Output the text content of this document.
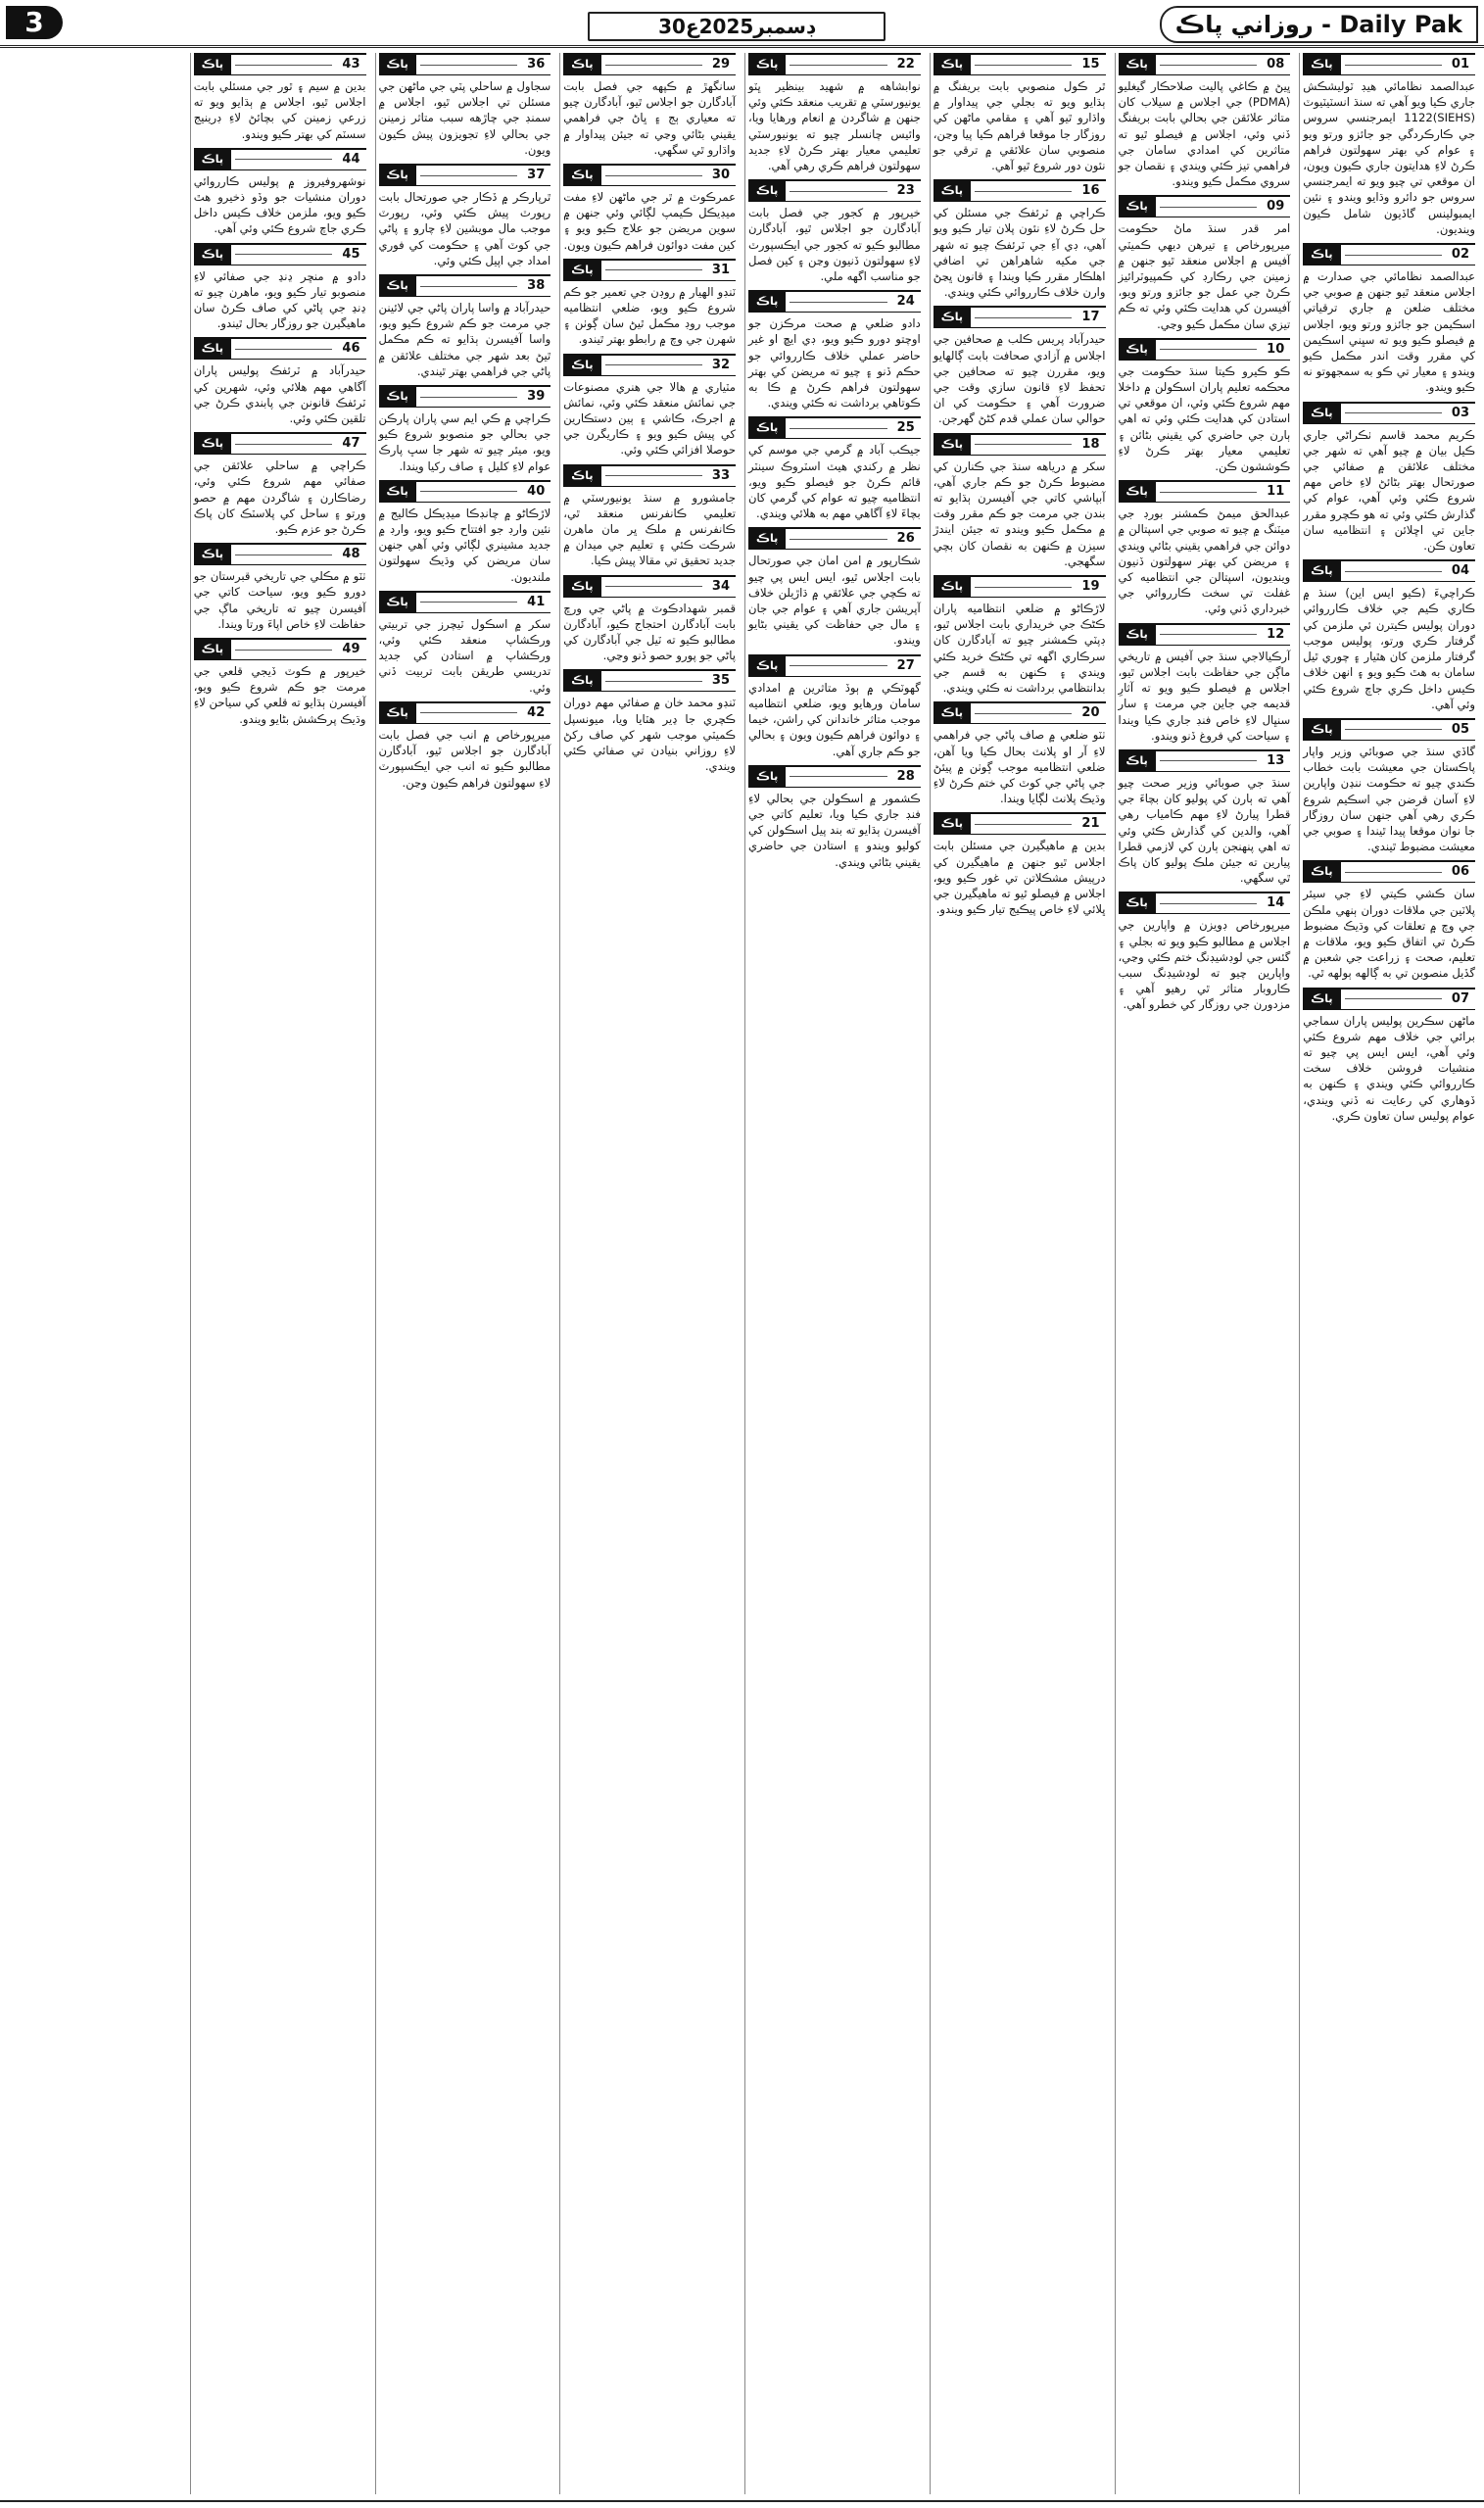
3	30ڊسمبر2025ع	روزاني پاڪ - Daily Pak
01
پاڪ
عبدالصمد نظامائي هيڊ ٽوليشڪش جاري ڪيا ويو آهي ته سنڌ انسٽيٽيوٽ (SIEHS)1122 ايمرجنسي سروس جي ڪارڪردگي جو جائزو ورتو ويو ۽ عوام کي بهتر سهولتون فراهم ڪرڻ لاءِ هدايتون جاري ڪيون ويون، ان موقعي تي چيو ويو ته ايمرجنسي سروس جو دائرو وڌايو ويندو ۽ نئين ايمبولينس گاڏيون شامل ڪيون وينديون.
02
پاڪ
عبدالصمد نظامائي جي صدارت ۾ اجلاس منعقد ٿيو جنهن ۾ صوبي جي مختلف ضلعن ۾ جاري ترقياتي اسڪيمن جو جائزو ورتو ويو، اجلاس ۾ فيصلو ڪيو ويو ته سڀني اسڪيمن کي مقرر وقت اندر مڪمل ڪيو ويندو ۽ معيار تي ڪو به سمجهوتو نه ڪيو ويندو.
03
پاڪ
ڪريم محمد قاسم ٺڪراڻي جاري ڪيل بيان ۾ چيو آهي ته شهر جي مختلف علائقن ۾ صفائي جي صورتحال بهتر بڻائڻ لاءِ خاص مهم شروع ڪئي وئي آهي، عوام کي گذارش ڪئي وئي ته هو ڪچرو مقرر جاين تي اڇلائن ۽ انتظاميه سان تعاون ڪن.
04
پاڪ
ڪراچيءَ (ڪيو ايس اين) سنڌ ۾ ڪاري ڪيم جي خلاف ڪارروائي دوران پوليس ڪيترن ئي ملزمن کي گرفتار ڪري ورتو، پوليس موجب گرفتار ملزمن کان هٿيار ۽ چوري ٿيل سامان به هٿ ڪيو ويو ۽ انهن خلاف ڪيس داخل ڪري جاچ شروع ڪئي وئي آهي.
05
پاڪ
گاڏي سنڌ جي صوبائي وزير واپار پاڪستان جي معيشت بابت خطاب ڪندي چيو ته حڪومت ننڍن واپارين لاءِ آسان قرضن جي اسڪيم شروع ڪري رهي آهي جنهن سان روزگار جا نوان موقعا پيدا ٿيندا ۽ صوبي جي معيشت مضبوط ٿيندي.
06
پاڪ
سان ڪشي ڪيتي لاءِ جي سيئر پلاٽين جي ملاقات دوران ٻنهي ملڪن جي وچ ۾ تعلقات کي وڌيڪ مضبوط ڪرڻ تي اتفاق ڪيو ويو، ملاقات ۾ تعليم، صحت ۽ زراعت جي شعبن ۾ گڏيل منصوبن تي به ڳالهه ٻولهه ٿي.
07
پاڪ
ماڻهن سڪرين پوليس پاران سماجي برائي جي خلاف مهم شروع ڪئي وئي آهي، ايس ايس پي چيو ته منشيات فروشن خلاف سخت ڪارروائي ڪئي ويندي ۽ ڪنهن به ڏوهاري کي رعايت نه ڏني ويندي، عوام پوليس سان تعاون ڪري.
08
پاڪ
ڀيڻ ۾ ڪاغي پاليت صلاحڪار گيغليو (PDMA) جي اجلاس ۾ سيلاب کان متاثر علائقن جي بحالي بابت بريفنگ ڏني وئي، اجلاس ۾ فيصلو ٿيو ته متاثرين کي امدادي سامان جي فراهمي تيز ڪئي ويندي ۽ نقصان جو سروي مڪمل ڪيو ويندو.
09
پاڪ
امر قدر سنڌ ماڻ حڪومت ميرپورخاص ۽ تيرهن ديهي ڪميٽي آفيس ۾ اجلاس منعقد ٿيو جنهن ۾ زمينن جي رڪارڊ کي ڪمپيوٽرائيز ڪرڻ جي عمل جو جائزو ورتو ويو، آفيسرن کي هدايت ڪئي وئي ته ڪم تيزي سان مڪمل ڪيو وڃي.
10
پاڪ
ڪو ڪيرو ڪيتا سنڌ حڪومت جي محڪمه تعليم پاران اسڪولن ۾ داخلا مهم شروع ڪئي وئي، ان موقعي تي استادن کي هدايت ڪئي وئي ته اهي ٻارن جي حاضري کي يقيني بڻائن ۽ تعليمي معيار بهتر ڪرڻ لاءِ ڪوششون ڪن.
11
پاڪ
عبدالحق ميمڻ ڪمشنر بورڊ جي ميٽنگ ۾ چيو ته صوبي جي اسپتالن ۾ دوائن جي فراهمي يقيني بڻائي ويندي ۽ مريضن کي بهتر سهولتون ڏنيون وينديون، اسپتالن جي انتظاميه کي غفلت تي سخت ڪارروائي جي خبرداري ڏني وئي.
12
پاڪ
آرڪيالاجي سنڌ جي آفيس ۾ تاريخي ماڳن جي حفاظت بابت اجلاس ٿيو، اجلاس ۾ فيصلو ڪيو ويو ته آثارِ قديمه جي جاين جي مرمت ۽ سار سنڀال لاءِ خاص فنڊ جاري ڪيا ويندا ۽ سياحت کي فروغ ڏنو ويندو.
13
پاڪ
سنڌ جي صوبائي وزير صحت چيو آهي ته ٻارن کي پوليو کان بچاءَ جي قطرا پيارڻ لاءِ مهم ڪامياب رهي آهي، والدين کي گذارش ڪئي وئي ته اهي پنهنجن ٻارن کي لازمي قطرا پيارين ته جيئن ملڪ پوليو کان پاڪ ٿي سگهي.
14
پاڪ
ميرپورخاص ڊويزن ۾ واپارين جي اجلاس ۾ مطالبو ڪيو ويو ته بجلي ۽ گئس جي لوڊشيڊنگ ختم ڪئي وڃي، واپارين چيو ته لوڊشيڊنگ سبب ڪاروبار متاثر ٿي رهيو آهي ۽ مزدورن جي روزگار کي خطرو آهي.
15
پاڪ
ٿر ڪول منصوبي بابت بريفنگ ۾ ٻڌايو ويو ته بجلي جي پيداوار ۾ واڌارو ٿيو آهي ۽ مقامي ماڻهن کي روزگار جا موقعا فراهم ڪيا پيا وڃن، منصوبي سان علائقي ۾ ترقي جو نئون دور شروع ٿيو آهي.
16
پاڪ
ڪراچي ۾ ٽرئفڪ جي مسئلن کي حل ڪرڻ لاءِ نئون پلان تيار ڪيو ويو آهي، ڊي آءِ جي ٽرئفڪ چيو ته شهر جي مکيه شاهراهن تي اضافي اهلڪار مقرر ڪيا ويندا ۽ قانون ڀڃڻ وارن خلاف ڪارروائي ڪئي ويندي.
17
پاڪ
حيدرآباد پريس ڪلب ۾ صحافين جي اجلاس ۾ آزادي صحافت بابت ڳالهايو ويو، مقررن چيو ته صحافين جي تحفظ لاءِ قانون سازي وقت جي ضرورت آهي ۽ حڪومت کي ان حوالي سان عملي قدم کڻڻ گهرجن.
18
پاڪ
سکر ۾ درياهه سنڌ جي ڪنارن کي مضبوط ڪرڻ جو ڪم جاري آهي، آبپاشي کاتي جي آفيسرن ٻڌايو ته بندن جي مرمت جو ڪم مقرر وقت ۾ مڪمل ڪيو ويندو ته جيئن ايندڙ سيزن ۾ ڪنهن به نقصان کان بچي سگهجي.
19
پاڪ
لاڙڪاڻو ۾ ضلعي انتظاميه پاران ڪڻڪ جي خريداري بابت اجلاس ٿيو، ڊپٽي ڪمشنر چيو ته آبادگارن کان سرڪاري اگهه تي ڪڻڪ خريد ڪئي ويندي ۽ ڪنهن به قسم جي بدانتظامي برداشت نه ڪئي ويندي.
20
پاڪ
ٺٽو ضلعي ۾ صاف پاڻي جي فراهمي لاءِ آر او پلانٽ بحال ڪيا ويا آهن، ضلعي انتظاميه موجب ڳوٺن ۾ پيئڻ جي پاڻي جي کوٽ کي ختم ڪرڻ لاءِ وڌيڪ پلانٽ لڳايا ويندا.
21
پاڪ
بدين ۾ ماهيگيرن جي مسئلن بابت اجلاس ٿيو جنهن ۾ ماهيگيرن کي درپيش مشڪلاتن تي غور ڪيو ويو، اجلاس ۾ فيصلو ٿيو ته ماهيگيرن جي ڀلائي لاءِ خاص پيڪيج تيار ڪيو ويندو.
22
پاڪ
نوابشاهه ۾ شهيد بينظير ڀٽو يونيورسٽي ۾ تقريب منعقد ڪئي وئي جنهن ۾ شاگردن ۾ انعام ورهايا ويا، وائيس چانسلر چيو ته يونيورسٽي تعليمي معيار بهتر ڪرڻ لاءِ جديد سهولتون فراهم ڪري رهي آهي.
23
پاڪ
خيرپور ۾ کجور جي فصل بابت آبادگارن جو اجلاس ٿيو، آبادگارن مطالبو ڪيو ته کجور جي ايڪسپورٽ لاءِ سهولتون ڏنيون وڃن ۽ کين فصل جو مناسب اگهه ملي.
24
پاڪ
دادو ضلعي ۾ صحت مرڪزن جو اوچتو دورو ڪيو ويو، ڊي ايڇ او غير حاضر عملي خلاف ڪارروائي جو حڪم ڏنو ۽ چيو ته مريضن کي بهتر سهولتون فراهم ڪرڻ ۾ ڪا به ڪوتاهي برداشت نه ڪئي ويندي.
25
پاڪ
جيڪب آباد ۾ گرمي جي موسم کي نظر ۾ رکندي هيٽ اسٽروڪ سينٽر قائم ڪرڻ جو فيصلو ڪيو ويو، انتظاميه چيو ته عوام کي گرمي کان بچاءَ لاءِ آگاهي مهم به هلائي ويندي.
26
پاڪ
شڪارپور ۾ امن امان جي صورتحال بابت اجلاس ٿيو، ايس ايس پي چيو ته ڪچي جي علائقي ۾ ڌاڙيلن خلاف آپريشن جاري آهي ۽ عوام جي جان ۽ مال جي حفاظت کي يقيني بڻايو ويندو.
27
پاڪ
گهوٽڪي ۾ ٻوڏ متاثرين ۾ امدادي سامان ورهايو ويو، ضلعي انتظاميه موجب متاثر خاندانن کي راشن، خيما ۽ دوائون فراهم ڪيون ويون ۽ بحالي جو ڪم جاري آهي.
28
پاڪ
ڪشمور ۾ اسڪولن جي بحالي لاءِ فنڊ جاري ڪيا ويا، تعليم کاتي جي آفيسرن ٻڌايو ته بند پيل اسڪولن کي کوليو ويندو ۽ استادن جي حاضري يقيني بڻائي ويندي.
29
پاڪ
سانگهڙ ۾ ڪپهه جي فصل بابت آبادگارن جو اجلاس ٿيو، آبادگارن چيو ته معياري ٻج ۽ ڀاڻ جي فراهمي يقيني بڻائي وڃي ته جيئن پيداوار ۾ واڌارو ٿي سگهي.
30
پاڪ
عمرڪوٽ ۾ ٿر جي ماڻهن لاءِ مفت ميڊيڪل ڪيمپ لڳائي وئي جنهن ۾ سوين مريضن جو علاج ڪيو ويو ۽ کين مفت دوائون فراهم ڪيون ويون.
31
پاڪ
ٽنڊو الهيار ۾ روڊن جي تعمير جو ڪم شروع ڪيو ويو، ضلعي انتظاميه موجب روڊ مڪمل ٿيڻ سان ڳوٺن ۽ شهرن جي وچ ۾ رابطو بهتر ٿيندو.
32
پاڪ
مٽياري ۾ هالا جي هنري مصنوعات جي نمائش منعقد ڪئي وئي، نمائش ۾ اجرڪ، ڪاشي ۽ ٻين دستڪارين کي پيش ڪيو ويو ۽ ڪاريگرن جي حوصلا افزائي ڪئي وئي.
33
پاڪ
جامشورو ۾ سنڌ يونيورسٽي ۾ تعليمي ڪانفرنس منعقد ٿي، ڪانفرنس ۾ ملڪ ڀر مان ماهرن شرڪت ڪئي ۽ تعليم جي ميدان ۾ جديد تحقيق تي مقالا پيش ڪيا.
34
پاڪ
قمبر شهدادڪوٽ ۾ پاڻي جي ورڇ بابت آبادگارن احتجاج ڪيو، آبادگارن مطالبو ڪيو ته ٽيل جي آبادگارن کي پاڻي جو پورو حصو ڏنو وڃي.
35
پاڪ
ٽنڊو محمد خان ۾ صفائي مهم دوران ڪچري جا ڍير هٽايا ويا، ميونسپل ڪميٽي موجب شهر کي صاف رکڻ لاءِ روزاني بنيادن تي صفائي ڪئي ويندي.
36
پاڪ
سجاول ۾ ساحلي پٽي جي ماڻهن جي مسئلن تي اجلاس ٿيو، اجلاس ۾ سمنڊ جي چاڙهه سبب متاثر زمينن جي بحالي لاءِ تجويزون پيش ڪيون ويون.
37
پاڪ
ٿرپارڪر ۾ ڏڪار جي صورتحال بابت رپورٽ پيش ڪئي وئي، رپورٽ موجب مال مويشين لاءِ چارو ۽ پاڻي جي کوٽ آهي ۽ حڪومت کي فوري امداد جي اپيل ڪئي وئي.
38
پاڪ
حيدرآباد ۾ واسا پاران پاڻي جي لائينن جي مرمت جو ڪم شروع ڪيو ويو، واسا آفيسرن ٻڌايو ته ڪم مڪمل ٿيڻ بعد شهر جي مختلف علائقن ۾ پاڻي جي فراهمي بهتر ٿيندي.
39
پاڪ
ڪراچي ۾ ڪي ايم سي پاران پارڪن جي بحالي جو منصوبو شروع ڪيو ويو، ميئر چيو ته شهر جا سڀ پارڪ عوام لاءِ کليل ۽ صاف رکيا ويندا.
40
پاڪ
لاڙڪاڻو ۾ چانڊڪا ميڊيڪل ڪاليج ۾ نئين وارڊ جو افتتاح ڪيو ويو، وارڊ ۾ جديد مشينري لڳائي وئي آهي جنهن سان مريضن کي وڌيڪ سهولتون ملنديون.
41
پاڪ
سکر ۾ اسڪول ٽيچرز جي تربيتي ورڪشاپ منعقد ڪئي وئي، ورڪشاپ ۾ استادن کي جديد تدريسي طريقن بابت تربيت ڏني وئي.
42
پاڪ
ميرپورخاص ۾ انب جي فصل بابت آبادگارن جو اجلاس ٿيو، آبادگارن مطالبو ڪيو ته انب جي ايڪسپورٽ لاءِ سهولتون فراهم ڪيون وڃن.
43
پاڪ
بدين ۾ سيم ۽ ٿور جي مسئلي بابت اجلاس ٿيو، اجلاس ۾ ٻڌايو ويو ته زرعي زمينن کي بچائڻ لاءِ ڊرينيج سسٽم کي بهتر ڪيو ويندو.
44
پاڪ
نوشهروفيروز ۾ پوليس ڪارروائي دوران منشيات جو وڏو ذخيرو هٿ ڪيو ويو، ملزمن خلاف ڪيس داخل ڪري جاچ شروع ڪئي وئي آهي.
45
پاڪ
دادو ۾ منڇر ڍنڍ جي صفائي لاءِ منصوبو تيار ڪيو ويو، ماهرن چيو ته ڍنڍ جي پاڻي کي صاف ڪرڻ سان ماهيگيرن جو روزگار بحال ٿيندو.
46
پاڪ
حيدرآباد ۾ ٽرئفڪ پوليس پاران آگاهي مهم هلائي وئي، شهرين کي ٽرئفڪ قانونن جي پابندي ڪرڻ جي تلقين ڪئي وئي.
47
پاڪ
ڪراچي ۾ ساحلي علائقن جي صفائي مهم شروع ڪئي وئي، رضاڪارن ۽ شاگردن مهم ۾ حصو ورتو ۽ ساحل کي پلاسٽڪ کان پاڪ ڪرڻ جو عزم ڪيو.
48
پاڪ
ٺٽو ۾ مڪلي جي تاريخي قبرستان جو دورو ڪيو ويو، سياحت کاتي جي آفيسرن چيو ته تاريخي ماڳ جي حفاظت لاءِ خاص اپاءَ ورتا ويندا.
49
پاڪ
خيرپور ۾ ڪوٽ ڏيجي قلعي جي مرمت جو ڪم شروع ڪيو ويو، آفيسرن ٻڌايو ته قلعي کي سياحن لاءِ وڌيڪ پرڪشش بڻايو ويندو.
